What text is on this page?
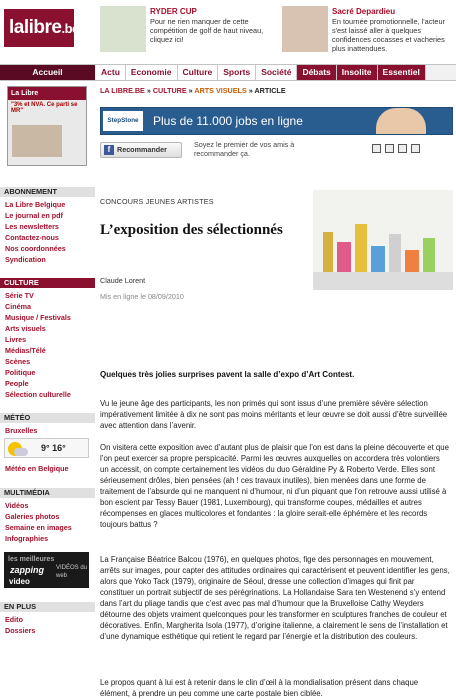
lalibre.be
RYDER CUP
Pour ne rien manquer de cette compétition de golf de haut niveau, cliquez ici!
Sacré Depardieu
En tournée promotionnelle, l'acteur s'est laissé aller à quelques confidences cocasses et vacheries plus inattendues.
Accueil	Actu	Economie	Culture	Sports	Société	Débats	Insolite	Essentiel
La Libre
"3% et NVA. Ce parti se MR"
ABONNEMENT
La Libre Belgique
Le journal en pdf
Les newsletters
Contactez-nous
Nos coordonnées
Syndication
CULTURE
Série TV
Cinéma
Musique / Festivals
Arts visuels
Livres
Médias/Télé
Scènes
Politique
People
Sélection culturelle
MÉTÉO
Bruxelles
9° 16°
Météo en Belgique
MULTIMÉDIA
Vidéos
Galeries photos
Semaine en images
Infographies
les meilleures
zapping
video
VIDÉOS du web
EN PLUS
Edito
Dossiers
LA LIBRE.BE » CULTURE » ARTS VISUELS » ARTICLE
StepStone	Plus de 11.000 jobs en ligne
f Recommander
Soyez le premier de vos amis à recommander ça.
CONCOURS JEUNES ARTISTES
L’exposition des sélectionnés
Claude Lorent
Mis en ligne le 08/09/2010
Quelques très jolies surprises pavent la salle d’expo d’Art Contest.
Vu le jeune âge des participants, les non primés qui sont issus d’une première sévère sélection impérativement limitée à dix ne sont pas moins méritants et leur œuvre se doit aussi d’être surveillée avec attention dans l’avenir.
On visitera cette exposition avec d’autant plus de plaisir que l’on est dans la pleine découverte et que l’on peut exercer sa propre perspicacité. Parmi les œuvres auxquelles on accordera très volontiers un accessit, on compte certainement les vidéos du duo Géraldine Py & Roberto Verde. Elles sont sérieusement drôles, bien pensées (ah ! ces travaux inutiles), bien menées dans une forme de traitement de l’absurde qui ne manquent ni d’humour, ni d’un piquant que l’on retrouve aussi utilisé à bon escient par Tessy Bauer (1981, Luxembourg), qui transforme coupes, médailles et autres récompenses en glaces multicolores et fondantes : la gloire serait-elle éphémère et les records toujours battus ?
La Française Béatrice Balcou (1976), en quelques photos, fige des personnages en mouvement, arrêts sur images, pour capter des attitudes ordinaires qui caractérisent et peuvent identifier les gens, alors que Yoko Tack (1979), originaire de Séoul, dresse une collection d’images qui finit par constituer un portrait subjectif de ses pérégrinations. La Hollandaise Sara ten Westenend s’y entend dans l’art du pliage tandis que c’est avec pas mal d’humour que la Bruxelloise Cathy Weyders détourne des objets vraiment quelconques pour les transformer en sculptures franches de couleur et décoratives. Enfin, Margherita Isola (1977), d’origine italienne, a clairement le sens de l’installation et d’une dynamique esthétique qui retient le regard par l’énergie et la distribution des couleurs.
Le propos quant à lui est à retenir dans le clin d’œil à la mondialisation présent dans chaque élément, à prendre un peu comme une carte postale bien ciblée.
